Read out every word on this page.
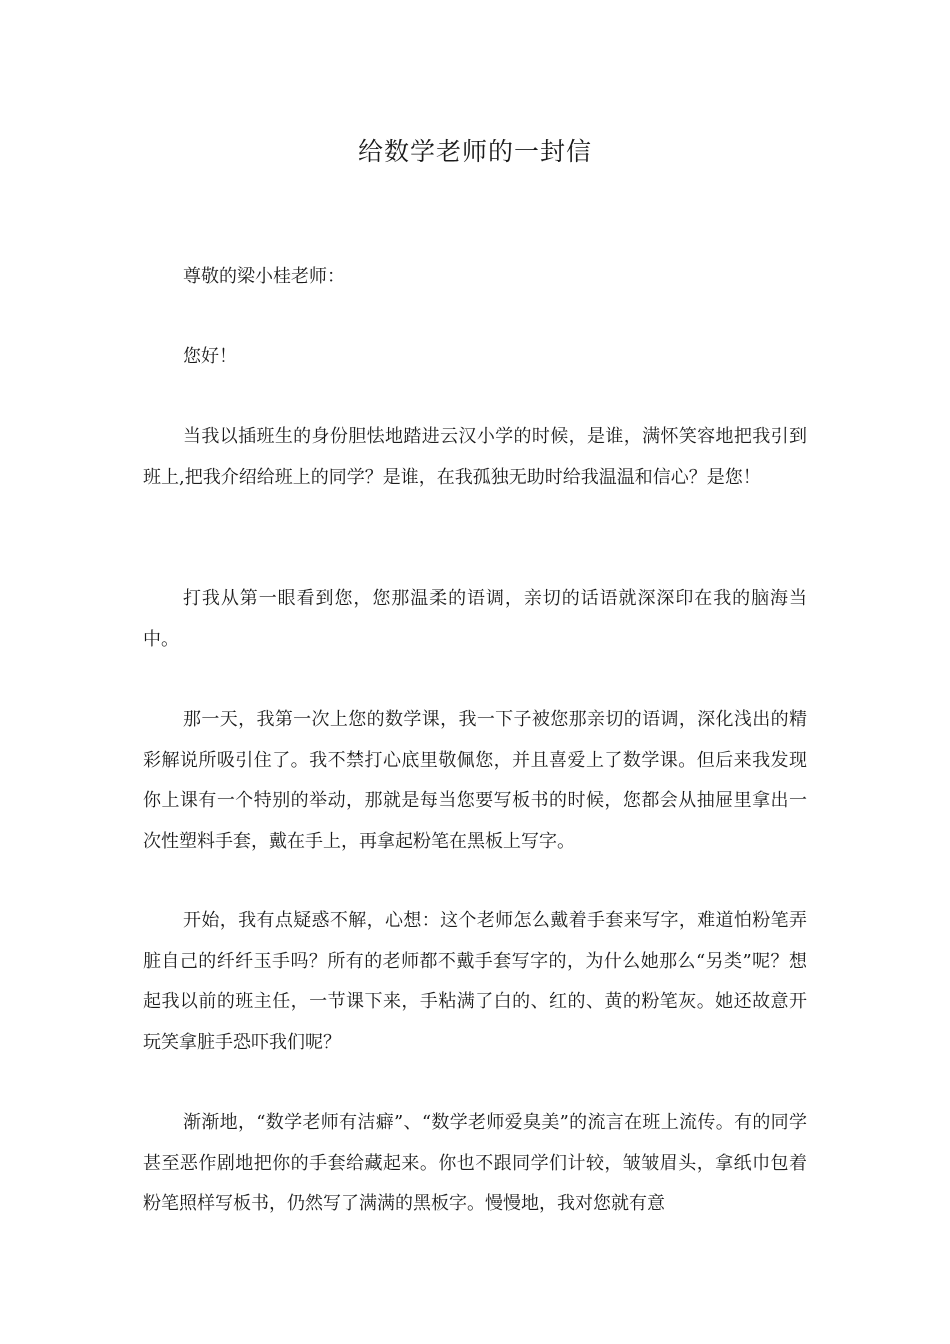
给数学老师的一封信

尊敬的梁小桂老师：

您好！

当我以插班生的身份胆怯地踏进云汉小学的时候，是谁，满怀笑容地把我引到班上,把我介绍给班上的同学？是谁，在我孤独无助时给我温温和信心？是您！

打我从第一眼看到您，您那温柔的语调，亲切的话语就深深印在我的脑海当中。

那一天，我第一次上您的数学课，我一下子被您那亲切的语调，深化浅出的精彩解说所吸引住了。我不禁打心底里敬佩您，并且喜爱上了数学课。但后来我发现你上课有一个特别的举动，那就是每当您要写板书的时候，您都会从抽屉里拿出一次性塑料手套，戴在手上，再拿起粉笔在黑板上写字。

开始，我有点疑惑不解，心想：这个老师怎么戴着手套来写字，难道怕粉笔弄脏自己的纤纤玉手吗？所有的老师都不戴手套写字的，为什么她那么“另类”呢？想起我以前的班主任，一节课下来，手粘满了白的、红的、黄的粉笔灰。她还故意开玩笑拿脏手恐吓我们呢？

渐渐地，“数学老师有洁癖”、“数学老师爱臭美”的流言在班上流传。有的同学甚至恶作剧地把你的手套给藏起来。你也不跟同学们计较，皱皱眉头，拿纸巾包着粉笔照样写板书，仍然写了满满的黑板字。慢慢地，我对您就有意
